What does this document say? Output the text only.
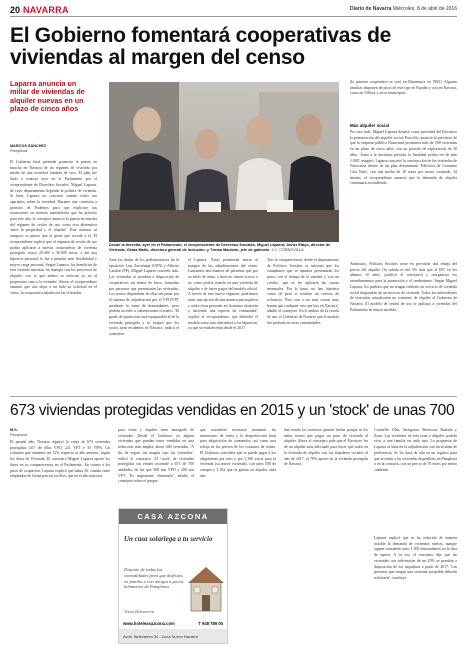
20 NAVARRA	Diario de Navarra Miércoles, 8 de abril de 2016
El Gobierno fomentará cooperativas de viviendas al margen del censo
Laparra anuncia un millar de viviendas de alquiler nuevas en un plazo de cinco años
MARCOS SÁNCHEZ
Pamplona
El Gobierno foral pretende potenciar la puesta en marcha en Navarra de un régimen de vivienda por medio de una sociedad fundada de cero. El plan fue dado a conocer ayer en el Parlamento por el vicepresidente de Derechos Sociales, Miguel Laparra, de cuyo departamento depende la política de vivienda. Si bien, Laparra no concretó cuándo todos sus apartados saben la novedad. Durante una comisión a petición de Podemos para que explicase sus actuaciones en materia inmobiliaria que ha previsto para este año, el consejero anunció la puesta en marcha del régimen de cesión de uso como otra alternativa 'entre la propiedad y el alquiler'. Este sistema, ni tampoco se quiere que la gente que acceda a él. El vicepresidente explicó que el régimen de cesión de uso podría aplicarse a nuevas cooperativas de vivienda protegida, cuyos 20.000 o 30.000 euros, y ahí una hipoteca personal, le iba a permitir más flexibilidad y mayor carga personal. Según Laparra, los beneficios de esta fórmula nacerían 'en sinergia con los proyectos de alquiler, con lo que ambos se enfocan ya no al propietario sino a la vivienda'. Ahora, el vicepresidente anunció que tras dejar a un lado su solicitud en el censo, la cooperativa adjudicará las viviendas.
Ante las dudas de los parlamentarios de la oposición Luis Zarraluqui (UPN) y Alberto Catalán (PP), Miguel Laparra concretó más. Las viviendas se pondrán a disposición de cooperativas sin ánimo de lucro, formadas por personas que presentarán las viviendas. Los socios dispondrán de ellas sin pasar por el sistema de adjudicación por el VPO/VPT mediante la suma de demandantes, pero podrán acceder a subvenciones oficiales. 'El grado de protección será equiparable al de la vivienda protegida y se exigirá que los socios sean residentes en Navarra', indicó el consejero.
el Laparra. 'Estas permitirán entrar al margen de las adjudicaciones del censo. Lanzamos una manera de personas que por su nivel de renta, o bien no tienen acceso o no como podría tenerla en una vivienda de alquiler o de hacer pagos del modelo oficial. A través de este nuevo régimen, podríamos tener una opción de una manera participativa y sobre otras personas en la misma situación y haciendo una especie de comunidad', explicó el vicepresidente, que defendió el modelo como una alternativa a las hipotecas, ya que se establecerán desde el 2017.
Tras lo comparecencia, desde el departamento de Políticos Sociales se informó que los ciudadanos que se apunten presentarán los pasos con el tiempo de la entidad y 'con un crédito', que se les aplicaría las cuotas mensuales. Por lo tanto, no hay hipoteca como tal pero sí tendrán un criterio de solvencia. 'Pero van a ser más cuotas muy barata que cualquier otra que hay en Navarra', añadió el consejero. En el ámbito de la cesión de uso, el Gobierno de Navarra que el modelo fue probado en otras comunidades.
(la primera cooperativa se creó en Dinamarca en 1965). Algunas familias disponen de pisos de este tipo en España y otra en Navarra, como en Villava y otros municipios.
Más alquiler social
Por otro lado, Miguel Laparra destacó como prioridad del Ejecutivo la potenciación del alquiler social. Para ello, anunció la previsión de que la empresa pública Nasuvinsa promueva más de 500 viviendas en un plazo de cinco años, con un periodo de exploración de 30 años. 'Junto a la iniciativa privada, la finalidad podría ser de más 1.000', aseguró. Laparra concretó la construcción de las viviendas de Nasuvinsa dentro de un plan denominado 'Edificios de Consumo Casi Nulo', con una media de 10 euros por metro cuadrado. Al mismo, el vicepresidente anunció que la demanda de alquiler continuará ascendiendo.
Asimismo, Políticas Sociales tiene en previsión una rebaja del precio del alquiler ('la subida es del 5% más que el IPC en los últimos 10 años', justificó el consejero) y reorganizar los arrendamientos para la promoción y el rendimiento. Según Miguel Laparra, los pueblos que no tengan cubierto un servicio de vivienda social dispondrán de un servicio de vivienda. Todos los antecedentes de viviendas actualizarán un convenio de alquiler el Gobierno de Navarra. El modelo de cesión de uso se aplicará a viviendas del Parlamento en mayor medida.
Desde la derecha, ayer en el Parlamento, el vicepresidente de Derechos Sociales, Miguel Laparra; Javier Etayo, director de Vivienda; Gema Mañú, directora general de Inclusión; y Txema Mauleón, jefe de gabinete. J.C. CORDOVILLA
673 viviendas protegidas vendidas en 2015 y un 'stock' de unas 700
M.S.
Pamplona
El pasado año, Navarra registró la venta de 673 viviendas protegidas (417 de ellas VPO, 221 VPT y 35 VPP). Un volumen que aumentó un 12% respecto al año anterior, según los datos de Vivienda. El consejero Miguel Laparra aportó los datos en su comparecencia en el Parlamento. En cuanto a los pisos de ocupación, Laparra explicó que había 36, cuando tiene empleadas de forma parcial en ellos, que en el año mayoría.
para venta y alquiler tiene entregado de viviendas. Desde el Gobierno ya alguna viviendas que puedan tener vendidas en una reducción más amplia, ahora 400 viviendas. 'A fin de seguir sin ningún tipo las viviendas', indicó el consejero. El 'stock' de viviendas protegidas sin vender asciende a 673 de 700 unidades, de las que 500 son VPO y 200 son VPT. 'Es importante eliminarlo', añadió el consejero sobre el parque.
que considerió necesario mantener las intenciones de venta y la desprotección final para adquisición de contenidos, así como una rebaja en los precios de los contratos de rentas. El Gobierno considera que se puede pagar a los adquirentes por mes y por 2.380 euros para la vivienda (su nueva vivienda), con unos 500 de compra y 1.432 que se gastan en alquiler cada año.
han tenido los nosotros quieren luchar porque ni los niños tienen que pagar un paso de vivienda al alquiler. Ahora el consejero pide que el Ejecutivo les dé un alquiler más adecuado para hacer que todos en la vivienda de alquiler con los alquileres sociales al año de 2017, el 70% aporte en la vivienda protegida de Navarra.
Cormelle, Olaz, Sarriguren, Berriozar, Burlada y Zizur. Las viviendas de esta zona y alquiler, podrán vivir a una familia en cada uno. La propuesta de Laparra se basa en la adjudicación con un sistema de preferencia. Se les dará de alta en un registro para que acceden a las viviendas disponibles en Pamplona o en la comarca, con un precio de 70 euros por metro cuadrado.
Laparra explicó que se ha reducido de manera notable la demanda de viviendas nuevas, aunque siguen existiendo unos 1.500 demandantes en la lista de espera. A su vez, el consejero dijo que las viviendas con subvención de un 25% se pondrán a disposición de los inquilinos a partir de 2017. 'Las personas que tengan una vivienda asequible deberán solicitarla', concluyó.
CASA AZCONA
Un casa solariega a tu servicio
Dispone de todas las comodidades para que disfrutes en familia o con amigos a pocos kilómetros de Pamplona.
Visita Belezarren
www.hoteleasazcona.com	T 948 789 00
Avda. Belezarren 34 - Zona Nuevo Navarra
